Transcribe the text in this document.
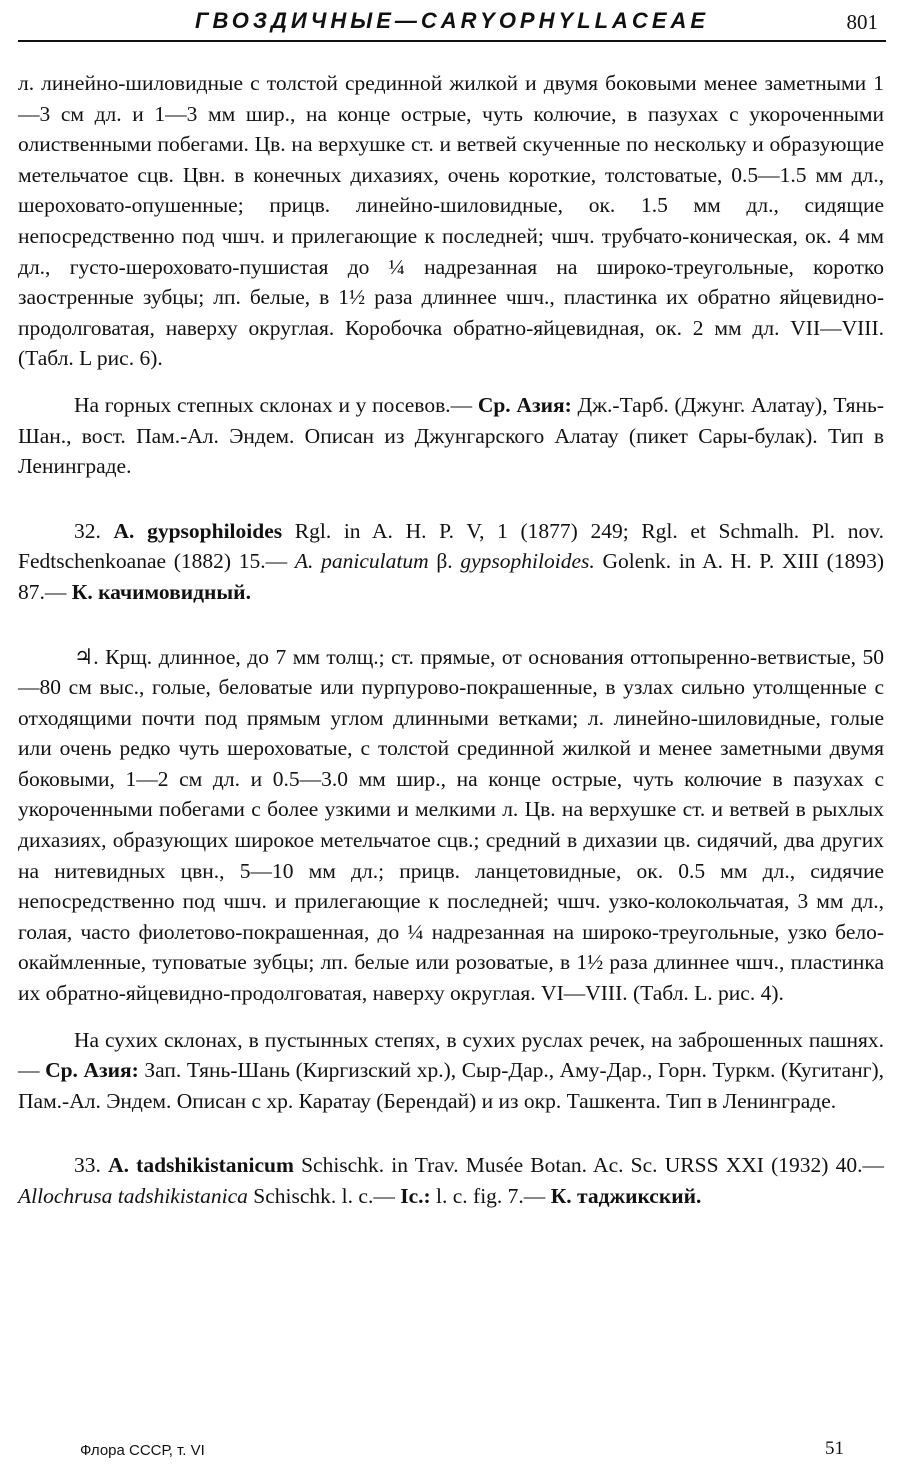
ГВОЗДИЧНЫЕ—CARYOPHYLLACEAE	801

л. линейно-шиловидные с толстой срединной жилкой и двумя боковыми менее заметными 1—3 см дл. и 1—3 мм шир., на конце острые, чуть колючие, в пазухах с укороченными олиственными побегами. Цв. на верхушке ст. и ветвей скученные по нескольку и образующие метельчатое сцв. Цвн. в конечных дихазиях, очень короткие, толстоватые, 0.5—1.5 мм дл., шероховато-опушенные; прицв. линейно-шиловидные, ок. 1.5 мм дл., сидящие непосредственно под чшч. и прилегающие к последней; чшч. трубчато-коническая, ок. 4 мм дл., густо-шероховато-пушистая до ¼ надрезанная на широко-треугольные, коротко заостренные зубцы; лп. белые, в 1½ раза длиннее чшч., пластинка их обратно яйцевидно-продолговатая, наверху округлая. Коробочка обратно-яйцевидная, ок. 2 мм дл. VII—VIII. (Табл. L рис. 6).

На горных степных склонах и у посевов.— Ср. Азия: Дж.-Тарб. (Джунг. Алатау), Тянь-Шан., вост. Пам.-Ал. Эндем. Описан из Джунгарского Алатау (пикет Сары-булак). Тип в Ленинграде.

32. A. gypsophiloides Rgl. in A. H. P. V, 1 (1877) 249; Rgl. et Schmalh. Pl. nov. Fedtschenkoanae (1882) 15.— A. paniculatum β. gypsophiloides. Golenk. in A. H. P. XIII (1893) 87.— К. качимовидный.

♃. Крщ. длинное, до 7 мм толщ.; ст. прямые, от основания оттопыренно-ветвистые, 50—80 см выс., голые, беловатые или пурпурово-покрашенные, в узлах сильно утолщенные с отходящими почти под прямым углом длинными ветками; л. линейно-шиловидные, голые или очень редко чуть шероховатые, с толстой срединной жилкой и менее заметными двумя боковыми, 1—2 см дл. и 0.5—3.0 мм шир., на конце острые, чуть колючие в пазухах с укороченными побегами с более узкими и мелкими л. Цв. на верхушке ст. и ветвей в рыхлых дихазиях, образующих широкое метельчатое сцв.; средний в дихазии цв. сидячий, два других на нитевидных цвн., 5—10 мм дл.; прицв. ланцетовидные, ок. 0.5 мм дл., сидячие непосредственно под чшч. и прилегающие к последней; чшч. узко-колокольчатая, 3 мм дл., голая, часто фиолетово-покрашенная, до ¼ надрезанная на широко-треугольные, узко бело-окаймленные, туповатые зубцы; лп. белые или розоватые, в 1½ раза длиннее чшч., пластинка их обратно-яйцевидно-продолговатая, наверху округлая. VI—VIII. (Табл. L. рис. 4).

На сухих склонах, в пустынных степях, в сухих руслах речек, на заброшенных пашнях.— Ср. Азия: Зап. Тянь-Шань (Киргизский хр.), Сыр-Дар., Аму-Дар., Горн. Туркм. (Кугитанг), Пам.-Ал. Эндем. Описан с хр. Каратау (Берендай) и из окр. Ташкента. Тип в Ленинграде.

33. A. tadshikistanicum Schischk. in Trav. Musée Botan. Ac. Sc. URSS XXI (1932) 40.— Allochrusa tadshikistanica Schischk. l. c.— Ic.: l. c. fig. 7.— К. таджикский.

Флора СССР, т. VI	51
